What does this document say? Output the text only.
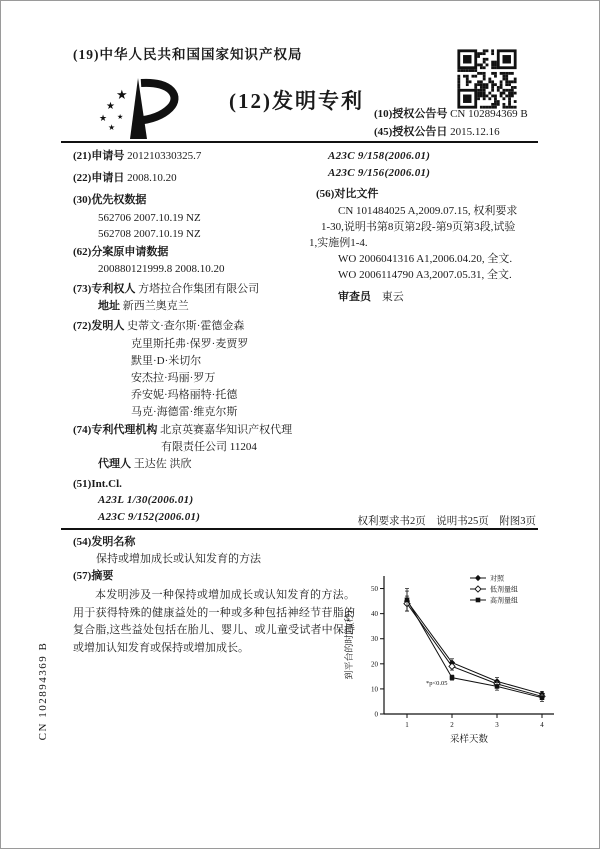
(19)中华人民共和国国家知识产权局
★
★
★
★
★
(12)发明专利
(10)授权公告号 CN 102894369 B
(45)授权公告日 2015.12.16
(21)申请号 201210330325.7
(22)申请日 2008.10.20
(30)优先权数据
562706 2007.10.19 NZ
562708 2007.10.19 NZ
(62)分案原申请数据
200880121999.8 2008.10.20
(73)专利权人 方塔拉合作集团有限公司
地址 新西兰奥克兰
(72)发明人 史蒂文·查尔斯·霍德金森
克里斯托弗·保罗·麦贾罗
默里·D·米切尔
安杰拉·玛丽·罗万
乔安妮·玛格丽特·托德
马克·海德雷·维克尔斯
(74)专利代理机构 北京英赛嘉华知识产权代理
有限责任公司 11204
代理人 王达佐 洪欣
(51)Int.Cl.
A23L 1/30(2006.01)
A23C 9/152(2006.01)
A23C 9/158(2006.01)
A23C 9/156(2006.01)
(56)对比文件
CN 101484025 A,2009.07.15, 权利要求
1-30,说明书第8页第2段-第9页第3段,试验
1,实施例1-4.
WO 2006041316 A1,2006.04.20, 全文.
WO 2006114790 A3,2007.05.31, 全文.
审查员 東云
权利要求书2页　说明书25页　附图3页
(54)发明名称
保持或增加成长或认知发育的方法
(57)摘要
本发明涉及一种保持或增加成长或认知发育的方法。用于获得特殊的健康益处的一种或多种包括神经节苷脂的复合脂,这些益处包括在胎儿、婴儿、或儿童受试者中保持或增加认知发育或保持或增加成长。
0
10
20
30
40
50
1	2	3	4
采样天数
到平台的时间(秒)
对照
低剂量组
高剂量组
*p<0.05
CN 102894369 B
